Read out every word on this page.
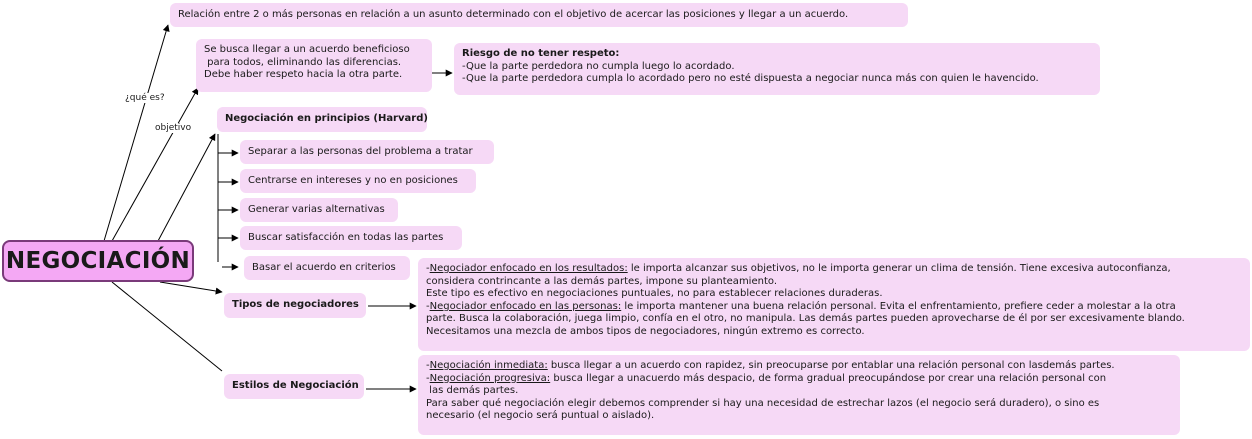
¿qué es?
objetivo
NEGOCIACIÓN
Relación entre 2 o más personas en relación a un asunto determinado con el objetivo de acercar las posiciones y llegar a un acuerdo.
Se busca llegar a un acuerdo beneficioso
para todos, eliminando las diferencias.
Debe haber respeto hacia la otra parte.
Riesgo de no tener respeto:
-Que la parte perdedora no cumpla luego lo acordado.
-Que la parte perdedora cumpla lo acordado pero no esté dispuesta a negociar nunca más con quien le havencido.
Negociación en principios (Harvard)
Separar a las personas del problema a tratar
Centrarse en intereses y no en posiciones
Generar varias alternativas
Buscar satisfacción en todas las partes
Basar el acuerdo en criterios
Tipos de negociadores
-Negociador enfocado en los resultados: le importa alcanzar sus objetivos, no le importa generar un clima de tensión. Tiene excesiva autoconfianza,
considera contrincante a las demás partes, impone su planteamiento.
Este tipo es efectivo en negociaciones puntuales, no para establecer relaciones duraderas.
-Negociador enfocado en las personas: le importa mantener una buena relación personal. Evita el enfrentamiento, prefiere ceder a molestar a la otra
parte. Busca la colaboración, juega limpio, confía en el otro, no manipula. Las demás partes pueden aprovecharse de él por ser excesivamente blando.
Necesitamos una mezcla de ambos tipos de negociadores, ningún extremo es correcto.
Estilos de Negociación
-Negociación inmediata: busca llegar a un acuerdo con rapidez, sin preocuparse por entablar una relación personal con lasdemás partes.
-Negociación progresiva: busca llegar a unacuerdo más despacio, de forma gradual preocupándose por crear una relación personal con
las demás partes.
Para saber qué negociación elegir debemos comprender si hay una necesidad de estrechar lazos (el negocio será duradero), o sino es
necesario (el negocio será puntual o aislado).
